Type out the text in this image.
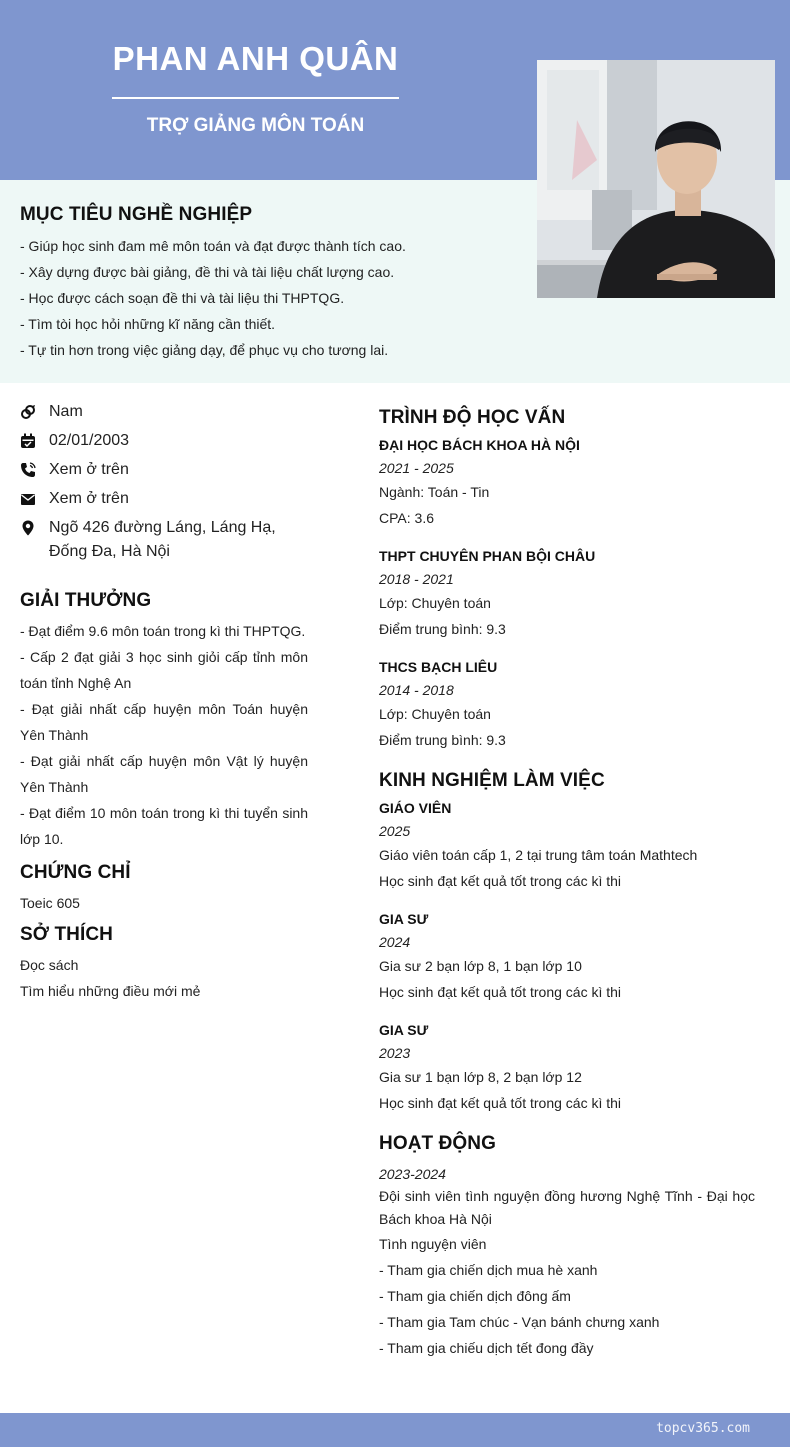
PHAN ANH QUÂN
TRỢ GIẢNG MÔN TOÁN
MỤC TIÊU NGHỀ NGHIỆP
- Giúp học sinh đam mê môn toán và đạt được thành tích cao.
- Xây dựng được bài giảng, đề thi và tài liệu chất lượng cao.
- Học được cách soạn đề thi và tài liệu thi THPTQG.
- Tìm tòi học hỏi những kĩ năng cần thiết.
- Tự tin hơn trong việc giảng dạy, để phục vụ cho tương lai.
Nam
02/01/2003
Xem ở trên
Xem ở trên
Ngõ 426 đường Láng, Láng Hạ,
Đống Đa, Hà Nội
GIẢI THƯỞNG
- Đạt điểm 9.6 môn toán trong kì thi THPTQG.
- Cấp 2 đạt giải 3 học sinh giỏi cấp tỉnh môn toán tỉnh Nghệ An
- Đạt giải nhất cấp huyện môn Toán huyện Yên Thành
- Đạt giải nhất cấp huyện môn Vật lý huyện Yên Thành
- Đạt điểm 10 môn toán trong kì thi tuyển sinh lớp 10.
CHỨNG CHỈ
Toeic 605
SỞ THÍCH
Đọc sách
Tìm hiểu những điều mới mẻ
TRÌNH ĐỘ HỌC VẤN
ĐẠI HỌC BÁCH KHOA HÀ NỘI
2021 - 2025
Ngành: Toán - Tin
CPA: 3.6
THPT CHUYÊN PHAN BỘI CHÂU
2018 - 2021
Lớp: Chuyên toán
Điểm trung bình: 9.3
THCS BẠCH LIÊU
2014 - 2018
Lớp: Chuyên toán
Điểm trung bình: 9.3
KINH NGHIỆM LÀM VIỆC
GIÁO VIÊN
2025
Giáo viên toán cấp 1, 2 tại trung tâm toán Mathtech
Học sinh đạt kết quả tốt trong các kì thi
GIA SƯ
2024
Gia sư 2 bạn lớp 8, 1 bạn lớp 10
Học sinh đạt kết quả tốt trong các kì thi
GIA SƯ
2023
Gia sư 1 bạn lớp 8, 2 bạn lớp 12
Học sinh đạt kết quả tốt trong các kì thi
HOẠT ĐỘNG
2023-2024
Đội sinh viên tình nguyện đồng hương Nghệ Tĩnh - Đại học Bách khoa Hà Nội
Tình nguyện viên
- Tham gia chiến dịch mua hè xanh
- Tham gia chiến dịch đông ấm
- Tham gia Tam chúc - Vạn bánh chưng xanh
- Tham gia chiếu dịch tết đong đầy
topcv365.com
